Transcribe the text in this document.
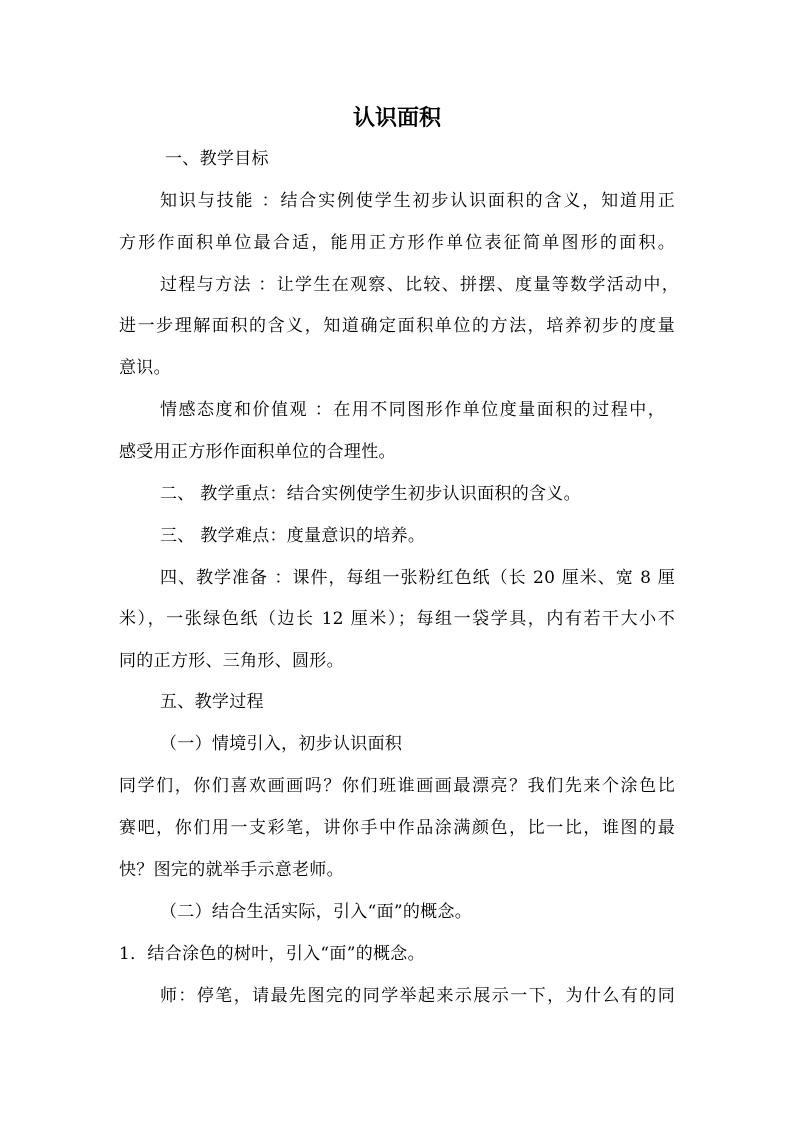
认识面积
一、教学目标
知识与技能 ：结合实例使学生初步认识面积的含义，知道用正
方形作面积单位最合适，能用正方形作单位表征简单图形的面积。
过程与方法 ：让学生在观察、比较、拼摆、度量等数学活动中，
进一步理解面积的含义，知道确定面积单位的方法，培养初步的度量
意识。
情感态度和价值观 ：在用不同图形作单位度量面积的过程中，
感受用正方形作面积单位的合理性。
二、 教学重点：结合实例使学生初步认识面积的含义。
三、 教学难点：度量意识的培养。
四、教学准备 ：课件，每组一张粉红色纸（长 20 厘米、宽 8 厘
米），一张绿色纸（边长 12 厘米）；每组一袋学具，内有若干大小不
同的正方形、三角形、圆形。
五、教学过程
（一）情境引入，初步认识面积
同学们，你们喜欢画画吗？你们班谁画画最漂亮？我们先来个涂色比
赛吧，你们用一支彩笔，讲你手中作品涂满颜色，比一比，谁图的最
快？图完的就举手示意老师。
（二）结合生活实际，引入“面”的概念。
1．结合涂色的树叶，引入“面”的概念。
师：停笔，请最先图完的同学举起来示展示一下，为什么有的同
